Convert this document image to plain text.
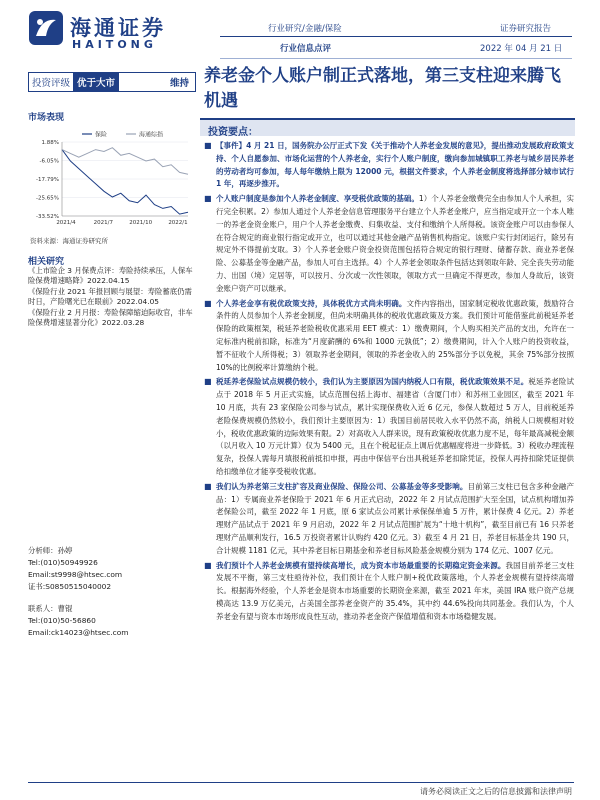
海通证券
HAITONG
行业研究/金融/保险
行业信息点评
证券研究报告
2022 年 04 月 21 日
投资评级 优于大市	维持 养老金个人账户制正式落地，第三支柱迎来腾飞机遇
市场表现
保险	海通综指
1.88%
-6.05%
-17.79%
-25.65%
-33.52%
2021/4	2021/7	2021/10	2022/1
资料来源：海通证券研究所
相关研究
《上市险企 3 月保费点评：寿险持续承压，人保车险保费增速略降》2022.04.15
《保险行业 2021 年报回顾与展望：寿险蓄底仍需时日，产险曙光已在眼前》2022.04.05
《保险行业 2 月月报：寿险保障缩迫际收官，非车险保费增速显著分化》2022.03.28
分析师：孙婷
Tel:(010)50949926
Email:st9998@htsec.com
证书:S0850515040002
联系人：曹锟
Tel:(010)50-56860
Email:ck14023@htsec.com
投资要点：
■ 【事件】4 月 21 日，国务院办公厅正式下发《关于推动个人养老金发展的意见》，提出推动发展政府政策支持、个人自愿参加、市场化运营的个人养老金，实行个人账户制度，缴向参加城镇职工养老与城乡居民养老的劳动者均可参加，每人每年缴纳上限为 12000 元，根据文件要求，个人养老金制度将选择部分城市试行 1 年，再逐步推开。
■ 个人账户制度是参加个人养老金制度、享受税优政策的基础。1）个人养老金缴费完全由参加人个人承担，实行完全积累。2）参加人通过个人养老金信息管理服务平台建立个人养老金账户，应当指定或开立一个本人唯一的养老金资金账户，用户个人养老金缴费、归集收益、支付和缴纳个人所得税。该资金账户可以由参保人在符合规定的商业银行指定或开立，也可以通过其他金融产品销售机构指定。该账户实行封闭运行，除另有规定外不得提前支取。3）个人养老金账户资金投资范围包括符合规定的银行理财、储蓄存款、商业养老保险、公募基金等金融产品，参加人可自主选择。4）个人养老金领取条件包括达到领取年龄、完全丧失劳动能力、出国（境）定居等，可以按月、分次或一次性领取，领取方式一旦确定不得更改，参加人身故后，该资金账户资产可以继承。
■ 个人养老金享有税优政策支持，具体税优方式尚未明确。文件内容指出，国家制定税收优惠政策，鼓励符合条件的人员参加个人养老金制度，但尚未明确具体的税收优惠政策及方案。我们预计可能借鉴此前税延养老保险的政策框架，税延养老险税收优惠采用 EET 模式：1）缴费期间，个人购买相关产品的支出，允许在一定标准内税前扣除，标准为“月度薪酬的 6%和 1000 元孰低”；2）缴费期间，计入个人账户的投资收益，暂不征收个人所得税；3）领取养老金期间，领取的养老金收入的 25%部分予以免税，其余 75%部分按照 10%的比例税率计算缴纳个税。
■ 税延养老保险试点规模仍较小，我们认为主要原因为国内纳税人口有限，税优政策效果不足。税延养老险试点于 2018 年 5 月正式实施，试点范围包括上海市、福建省（含厦门市）和苏州工业园区，截至 2021 年 10 月底，共有 23 家保险公司参与试点，累计实现保费收入近 6 亿元，参保人数超过 5 万人，目前税延养老险保费规模仍然较小，我们预计主要原因为：1）我国目前居民收入水平仍然不高，纳税人口规模相对较小，税收优惠政策的边际效果有限。2）对高收入人群来说，现有政策税收优惠力度不足，每年最高减税金额（以月收入 10 万元计算）仅为 5400 元，且在个税起征点上调后优惠幅度将进一步降低。3）税收办理流程复杂，投保人需每月填报税前抵扣申报，再由中保信平台出具税延养老扣除凭证，投保人再持扣除凭证提供给扣缴单位才能享受税收优惠。
■ 我们认为养老第三支柱扩容及商业保险、保险公司、公募基金等多受影响。目前第三支柱已包含多种金融产品：1）专属商业养老保险于 2021 年 6 月正式启动，2022 年 2 月试点范围扩大至全国，试点机构增加养老保险公司，截至 2022 年 1 月底，原 6 家试点公司累计承保保单逾 5 万件，累计保费 4 亿元。2）养老理财产品试点于 2021 年 9 月启动，2022 年 2 月试点范围扩展为“十地十机构”，截至目前已有 16 只养老理财产品顺利发行，16.5 万投资者累计认购约 420 亿元。3）截至 4 月 21 日，养老目标基金共 190 只，合计规模 1181 亿元，其中养老目标日期基金和养老目标风险基金规模分别为 174 亿元、1007 亿元。
■ 我们预计个人养老金规模有望持续高增长，成为资本市场最重要的长期稳定资金来源。我国目前养老三支柱发展不平衡，第三支柱亟待补位，我们预计在个人账户制+税优政策落地，个人养老金规模有望持续高增长。根据海外经验，个人养老金是资本市场重要的长期资金来源，截至 2021 年末，美国 IRA 账户资产总规模高达 13.9 万亿美元，占美国全部养老金资产的 35.4%，其中约 44.6%投向共同基金。我们认为，个人养老金有望与资本市场形成良性互动，推动养老金资产保值增值和资本市场稳健发展。
请务必阅读正文之后的信息披露和法律声明
